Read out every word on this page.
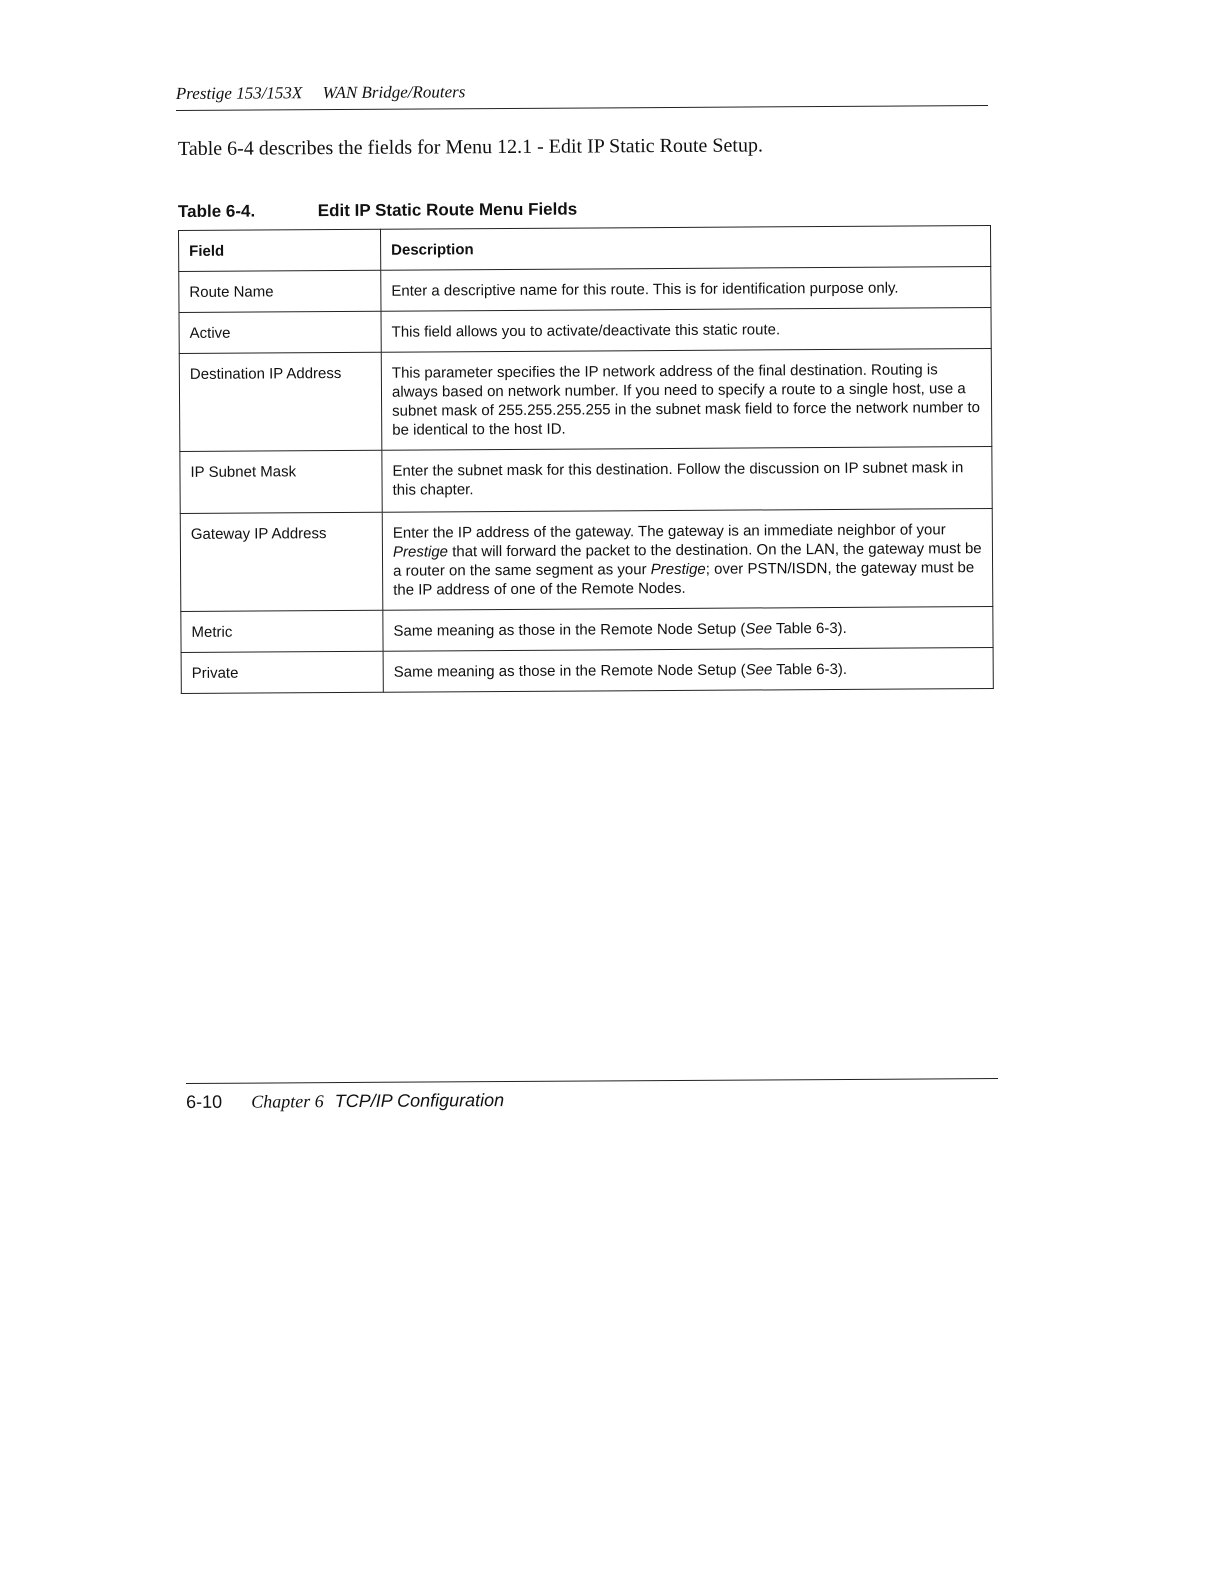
Prestige 153/153X WAN Bridge/Routers
Table 6-4 describes the fields for Menu 12.1 - Edit IP Static Route Setup.
Table 6-4.	Edit IP Static Route Menu Fields
Field	Description
Route Name	Enter a descriptive name for this route. This is for identification purpose only.
Active	This field allows you to activate/deactivate this static route.
Destination IP Address	This parameter specifies the IP network address of the final destination. Routing is always based on network number. If you need to specify a route to a single host, use a subnet mask of 255.255.255.255 in the subnet mask field to force the network number to be identical to the host ID.
IP Subnet Mask	Enter the subnet mask for this destination. Follow the discussion on IP subnet mask in this chapter.
Gateway IP Address	Enter the IP address of the gateway. The gateway is an immediate neighbor of your Prestige that will forward the packet to the destination. On the LAN, the gateway must be a router on the same segment as your Prestige; over PSTN/ISDN, the gateway must be the IP address of one of the Remote Nodes.
Metric	Same meaning as those in the Remote Node Setup (See Table 6-3).
Private	Same meaning as those in the Remote Node Setup (See Table 6-3).
6-10 Chapter 6 TCP/IP Configuration
